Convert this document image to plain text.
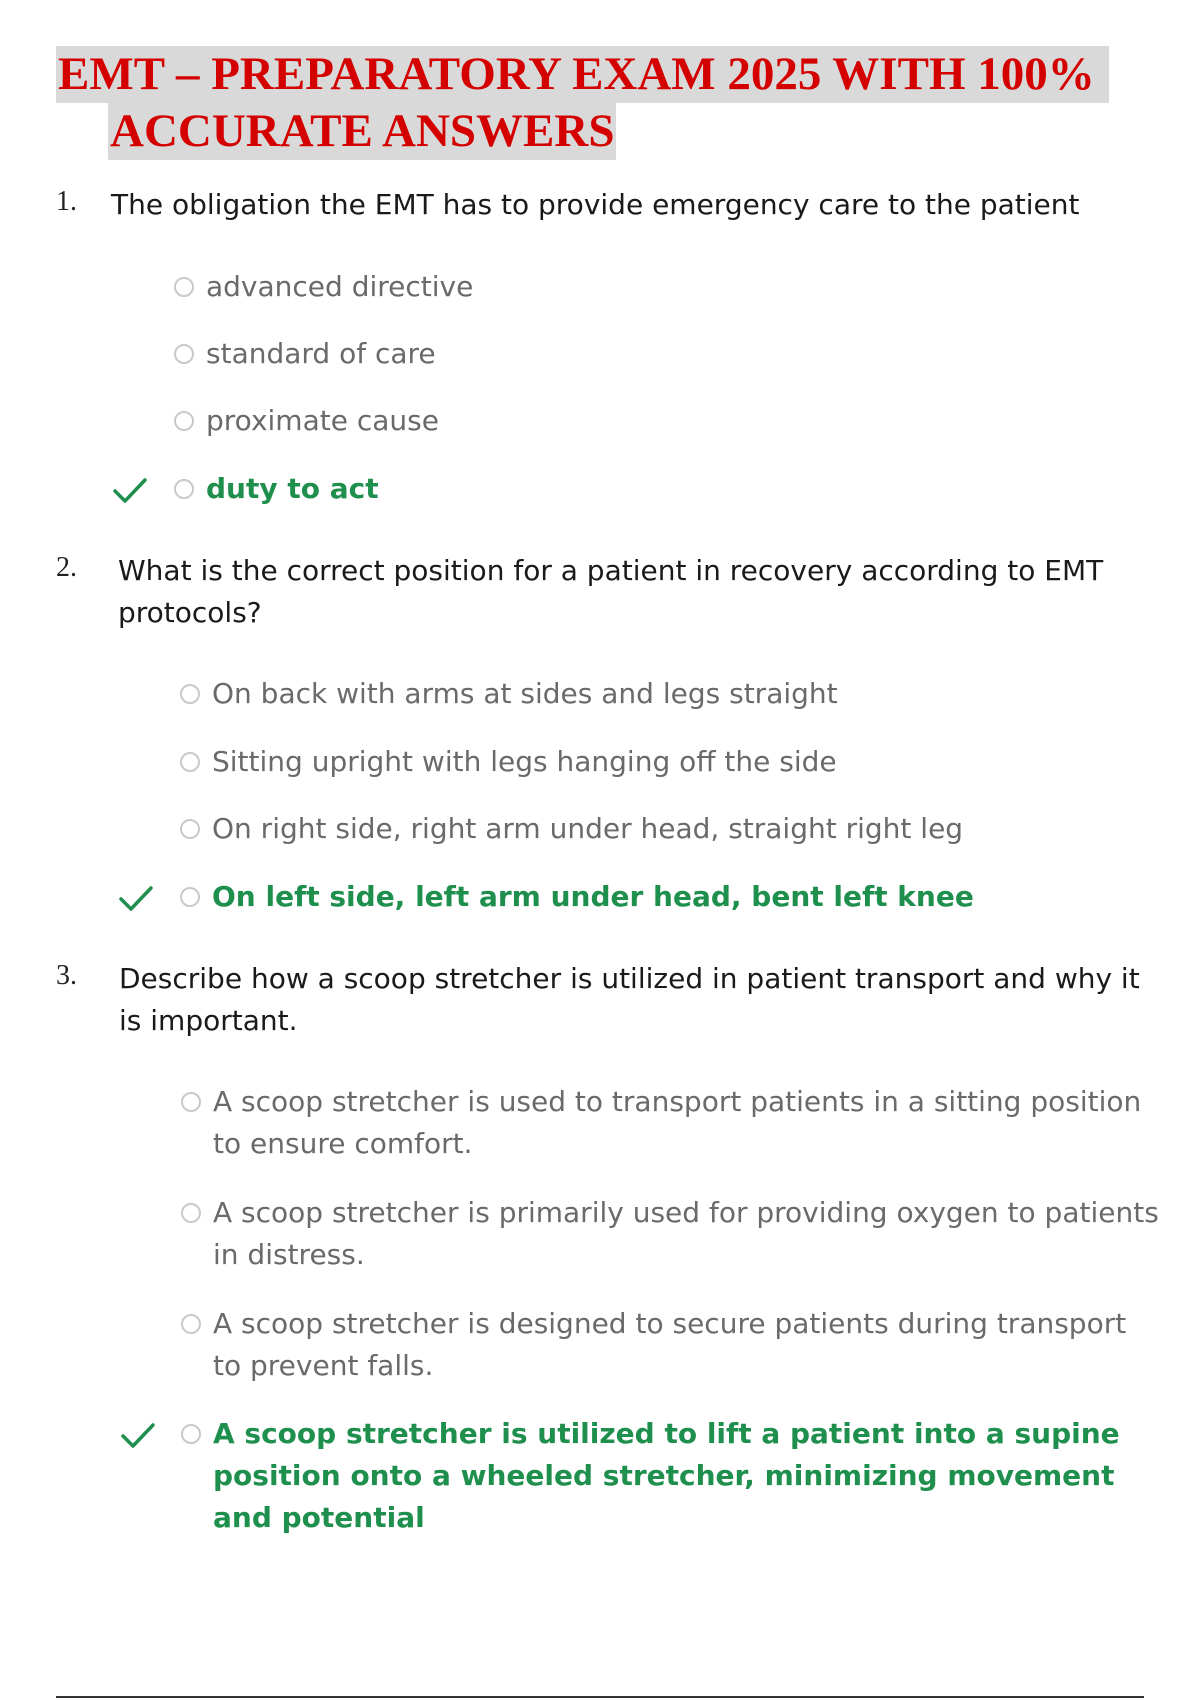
EMT – PREPARATORY EXAM 2025 WITH 100%
ACCURATE ANSWERS
1. The obligation the EMT has to provide emergency care to the patient
advanced directive
standard of care
proximate cause
duty to act
2. What is the correct position for a patient in recovery according to EMT protocols?
On back with arms at sides and legs straight
Sitting upright with legs hanging off the side
On right side, right arm under head, straight right leg
On left side, left arm under head, bent left knee
3. Describe how a scoop stretcher is utilized in patient transport and why it is important.
A scoop stretcher is used to transport patients in a sitting position to ensure comfort.
A scoop stretcher is primarily used for providing oxygen to patients in distress.
A scoop stretcher is designed to secure patients during transport to prevent falls.
A scoop stretcher is utilized to lift a patient into a supine position onto a wheeled stretcher, minimizing movement and potential
